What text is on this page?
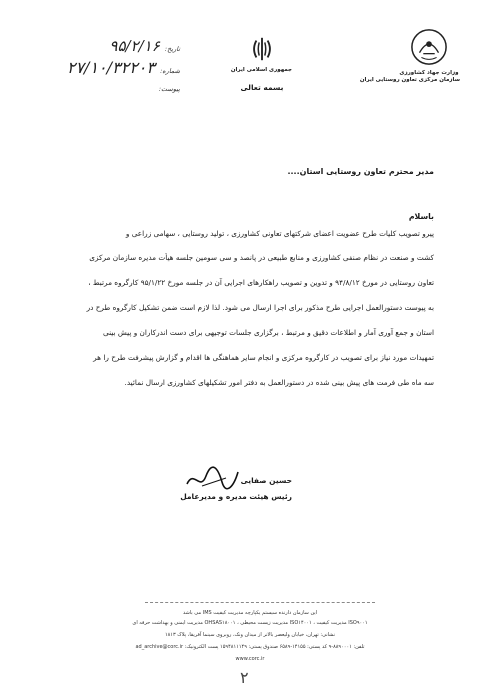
وزارت جهاد کشاورزی
سازمان مرکزی تعاون روستایی ایران
جمهوری اسلامی ایران
بسمه تعالی
تاریخ: ۹۵/۲/۱۶
شماره: ۲۷/۱۰/۳۲۲۰۳
پیوست:
مدیر محترم تعاون روستایی استان....
باسلام
پیرو تصویب کلیات طرح عضویت اعضای شرکتهای تعاونی کشاورزی ، تولید روستایی ، سهامی زراعی و
کشت و صنعت در نظام صنفی کشاورزی و منابع طبیعی در پانصد و سی سومین جلسه هیأت مدیره سازمان مرکزی
تعاون روستایی در مورخ ۹۴/۸/۱۲ و تدوین و تصویب راهکارهای اجرایی آن در جلسه مورخ ۹۵/۱/۲۲ کارگروه مرتبط ،
به پیوست دستورالعمل اجرایی طرح مذکور برای اجرا ارسال می شود. لذا لازم است ضمن تشکیل کارگروه طرح در
استان و جمع آوری آمار و اطلاعات دقیق و مرتبط ، برگزاری جلسات توجیهی برای دست اندرکاران و پیش بینی
تمهیدات مورد نیاز برای تصویب در کارگروه مرکزی و انجام سایر هماهنگی ها اقدام و گزارش پیشرفت طرح را هر
سه ماه طی فرمت های پیش بینی شده در دستورالعمل به دفتر امور تشکیلهای کشاورزی ارسال نمائید.
حسین صفایی
رئیس هیئت مدیره و مدیرعامل
این سازمان دارنده سیستم یکپارچه مدیریت کیفیت IMS می باشد
ISO۹۰۰۱ مدیریت کیفیت ، ISO۱۴۰۰۱ مدیریت زیست محیطی ، OHSAS۱۸۰۰۱ مدیریت ایمنی و بهداشت حرفه ای
نشانی: تهران، خیابان ولیعصر بالاتر از میدان ونک، روبروی سینما آفریقا، پلاک ۱۸۱۳
تلفن: ۸۸۹۰۰۰۱-۹ کد پستی: ۱۴۱۵۵-۶۵۸۹ صندوق پستی: ۱۵۹۴۸۱۱۱۴۹ پست الکترونیک: ad_archive@corc.ir
www.corc.ir
۲
